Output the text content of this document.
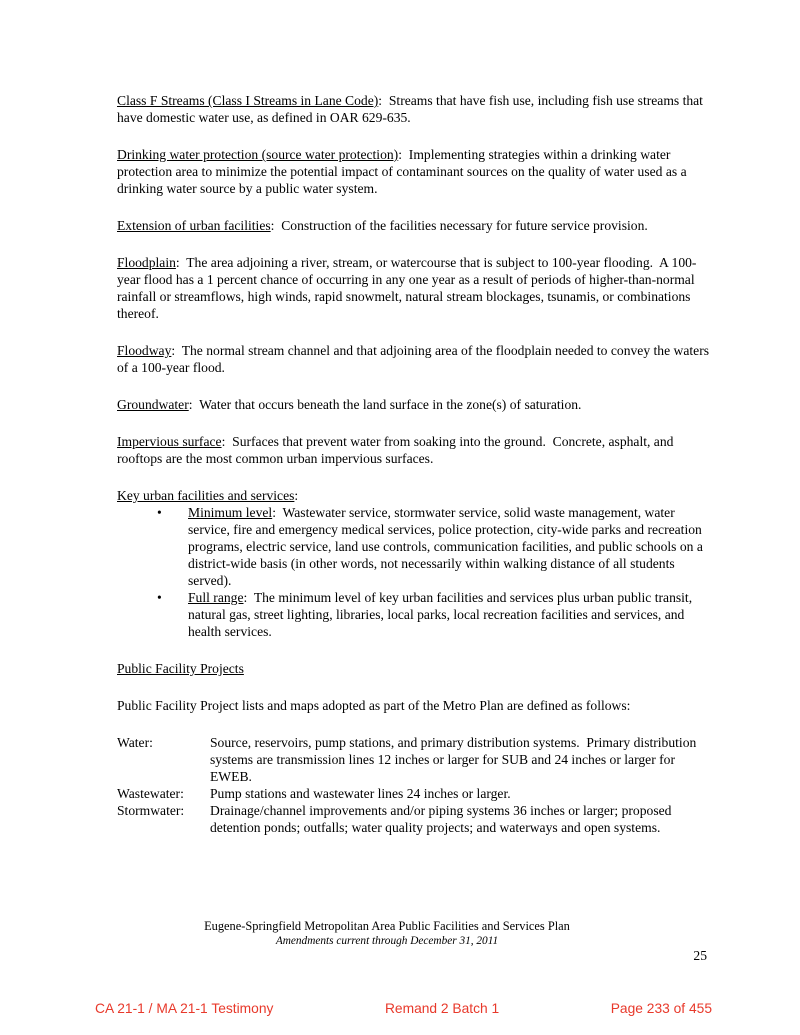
Class F Streams (Class I Streams in Lane Code):  Streams that have fish use, including fish use streams that have domestic water use, as defined in OAR 629-635.

Drinking water protection (source water protection):  Implementing strategies within a drinking water protection area to minimize the potential impact of contaminant sources on the quality of water used as a drinking water source by a public water system.

Extension of urban facilities:  Construction of the facilities necessary for future service provision.

Floodplain:  The area adjoining a river, stream, or watercourse that is subject to 100-year flooding.  A 100-year flood has a 1 percent chance of occurring in any one year as a result of periods of higher-than-normal rainfall or streamflows, high winds, rapid snowmelt, natural stream blockages, tsunamis, or combinations thereof.

Floodway:  The normal stream channel and that adjoining area of the floodplain needed to convey the waters of a 100-year flood.

Groundwater:  Water that occurs beneath the land surface in the zone(s) of saturation.

Impervious surface:  Surfaces that prevent water from soaking into the ground.  Concrete, asphalt, and rooftops are the most common urban impervious surfaces.

Key urban facilities and services:

• Minimum level:  Wastewater service, stormwater service, solid waste management, water service, fire and emergency medical services, police protection, city-wide parks and recreation programs, electric service, land use controls, communication facilities, and public schools on a district-wide basis (in other words, not necessarily within walking distance of all students served).
• Full range:  The minimum level of key urban facilities and services plus urban public transit, natural gas, street lighting, libraries, local parks, local recreation facilities and services, and health services.

Public Facility Projects

Public Facility Project lists and maps adopted as part of the Metro Plan are defined as follows:

Water:	Source, reservoirs, pump stations, and primary distribution systems.  Primary distribution systems are transmission lines 12 inches or larger for SUB and 24 inches or larger for EWEB.
Wastewater:	Pump stations and wastewater lines 24 inches or larger.
Stormwater:	Drainage/channel improvements and/or piping systems 36 inches or larger; proposed detention ponds; outfalls; water quality projects; and waterways and open systems.
Eugene-Springfield Metropolitan Area Public Facilities and Services Plan
Amendments current through December 31, 2011
25
CA 21-1 / MA 21-1 Testimony	Remand 2 Batch 1	Page 233 of 455
